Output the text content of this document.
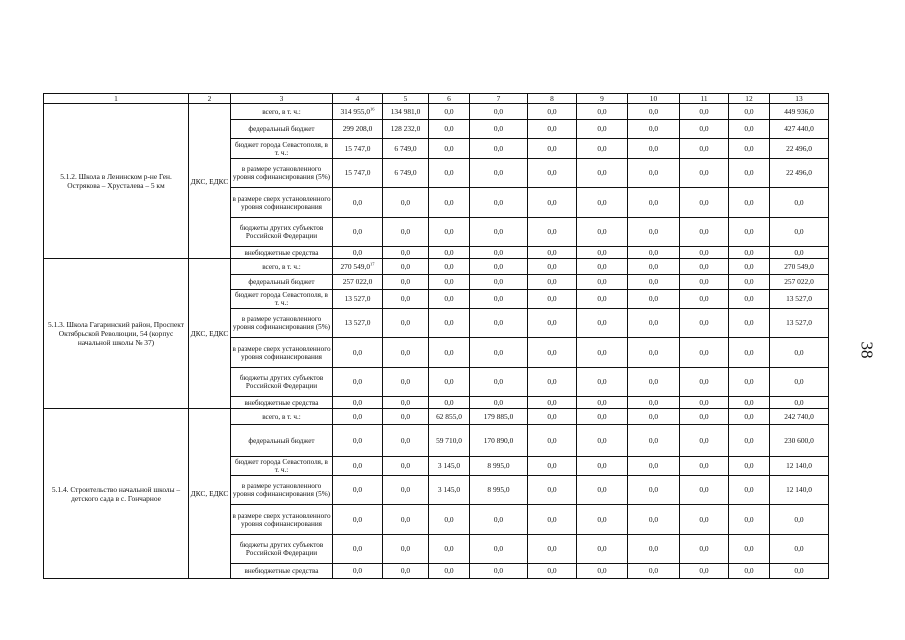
38
1	2	3	4	5	6	7	8	9	10	11	12	13
5.1.2. Школа в Ленинском р-не Ген. Острякова – Хрусталева – 5 км	ДКС, ЕДКС	всего, в т. ч.:	314 955,0$^{16}$	134 981,0	0,0	0,0	0,0	0,0	0,0	0,0	0,0	449 936,0
		федеральный бюджет	299 208,0	128 232,0	0,0	0,0	0,0	0,0	0,0	0,0	0,0	427 440,0
		бюджет города Севастополя, в т. ч.:	15 747,0	6 749,0	0,0	0,0	0,0	0,0	0,0	0,0	0,0	22 496,0
		в размере установленного уровня софинансирования (5%)	15 747,0	6 749,0	0,0	0,0	0,0	0,0	0,0	0,0	0,0	22 496,0
		в размере сверх установленного уровня софинансирования	0,0	0,0	0,0	0,0	0,0	0,0	0,0	0,0	0,0	0,0
		бюджеты других субъектов Российской Федерации	0,0	0,0	0,0	0,0	0,0	0,0	0,0	0,0	0,0	0,0
		внебюджетные средства	0,0	0,0	0,0	0,0	0,0	0,0	0,0	0,0	0,0	0,0
5.1.3. Школа Гагаринский район, Проспект Октябрьской Революции, 54 (корпус начальной школы № 37)	ДКС, ЕДКС	всего, в т. ч.:	270 549,0$^{17}$	0,0	0,0	0,0	0,0	0,0	0,0	0,0	0,0	270 549,0
		федеральный бюджет	257 022,0	0,0	0,0	0,0	0,0	0,0	0,0	0,0	0,0	257 022,0
		бюджет города Севастополя, в т. ч.:	13 527,0	0,0	0,0	0,0	0,0	0,0	0,0	0,0	0,0	13 527,0
		в размере установленного уровня софинансирования (5%)	13 527,0	0,0	0,0	0,0	0,0	0,0	0,0	0,0	0,0	13 527,0
		в размере сверх установленного уровня софинансирования	0,0	0,0	0,0	0,0	0,0	0,0	0,0	0,0	0,0	0,0
		бюджеты других субъектов Российской Федерации	0,0	0,0	0,0	0,0	0,0	0,0	0,0	0,0	0,0	0,0
		внебюджетные средства	0,0	0,0	0,0	0,0	0,0	0,0	0,0	0,0	0,0	0,0
5.1.4. Строительство начальной школы – детского сада в с. Гончарное	ДКС, ЕДКС	всего, в т. ч.:	0,0	0,0	62 855,0	179 885,0	0,0	0,0	0,0	0,0	0,0	242 740,0
		федеральный бюджет	0,0	0,0	59 710,0	170 890,0	0,0	0,0	0,0	0,0	0,0	230 600,0
		бюджет города Севастополя, в т. ч.:	0,0	0,0	3 145,0	8 995,0	0,0	0,0	0,0	0,0	0,0	12 140,0
		в размере установленного уровня софинансирования (5%)	0,0	0,0	3 145,0	8 995,0	0,0	0,0	0,0	0,0	0,0	12 140,0
		в размере сверх установленного уровня софинансирования	0,0	0,0	0,0	0,0	0,0	0,0	0,0	0,0	0,0	0,0
		бюджеты других субъектов Российской Федерации	0,0	0,0	0,0	0,0	0,0	0,0	0,0	0,0	0,0	0,0
		внебюджетные средства	0,0	0,0	0,0	0,0	0,0	0,0	0,0	0,0	0,0	0,0
